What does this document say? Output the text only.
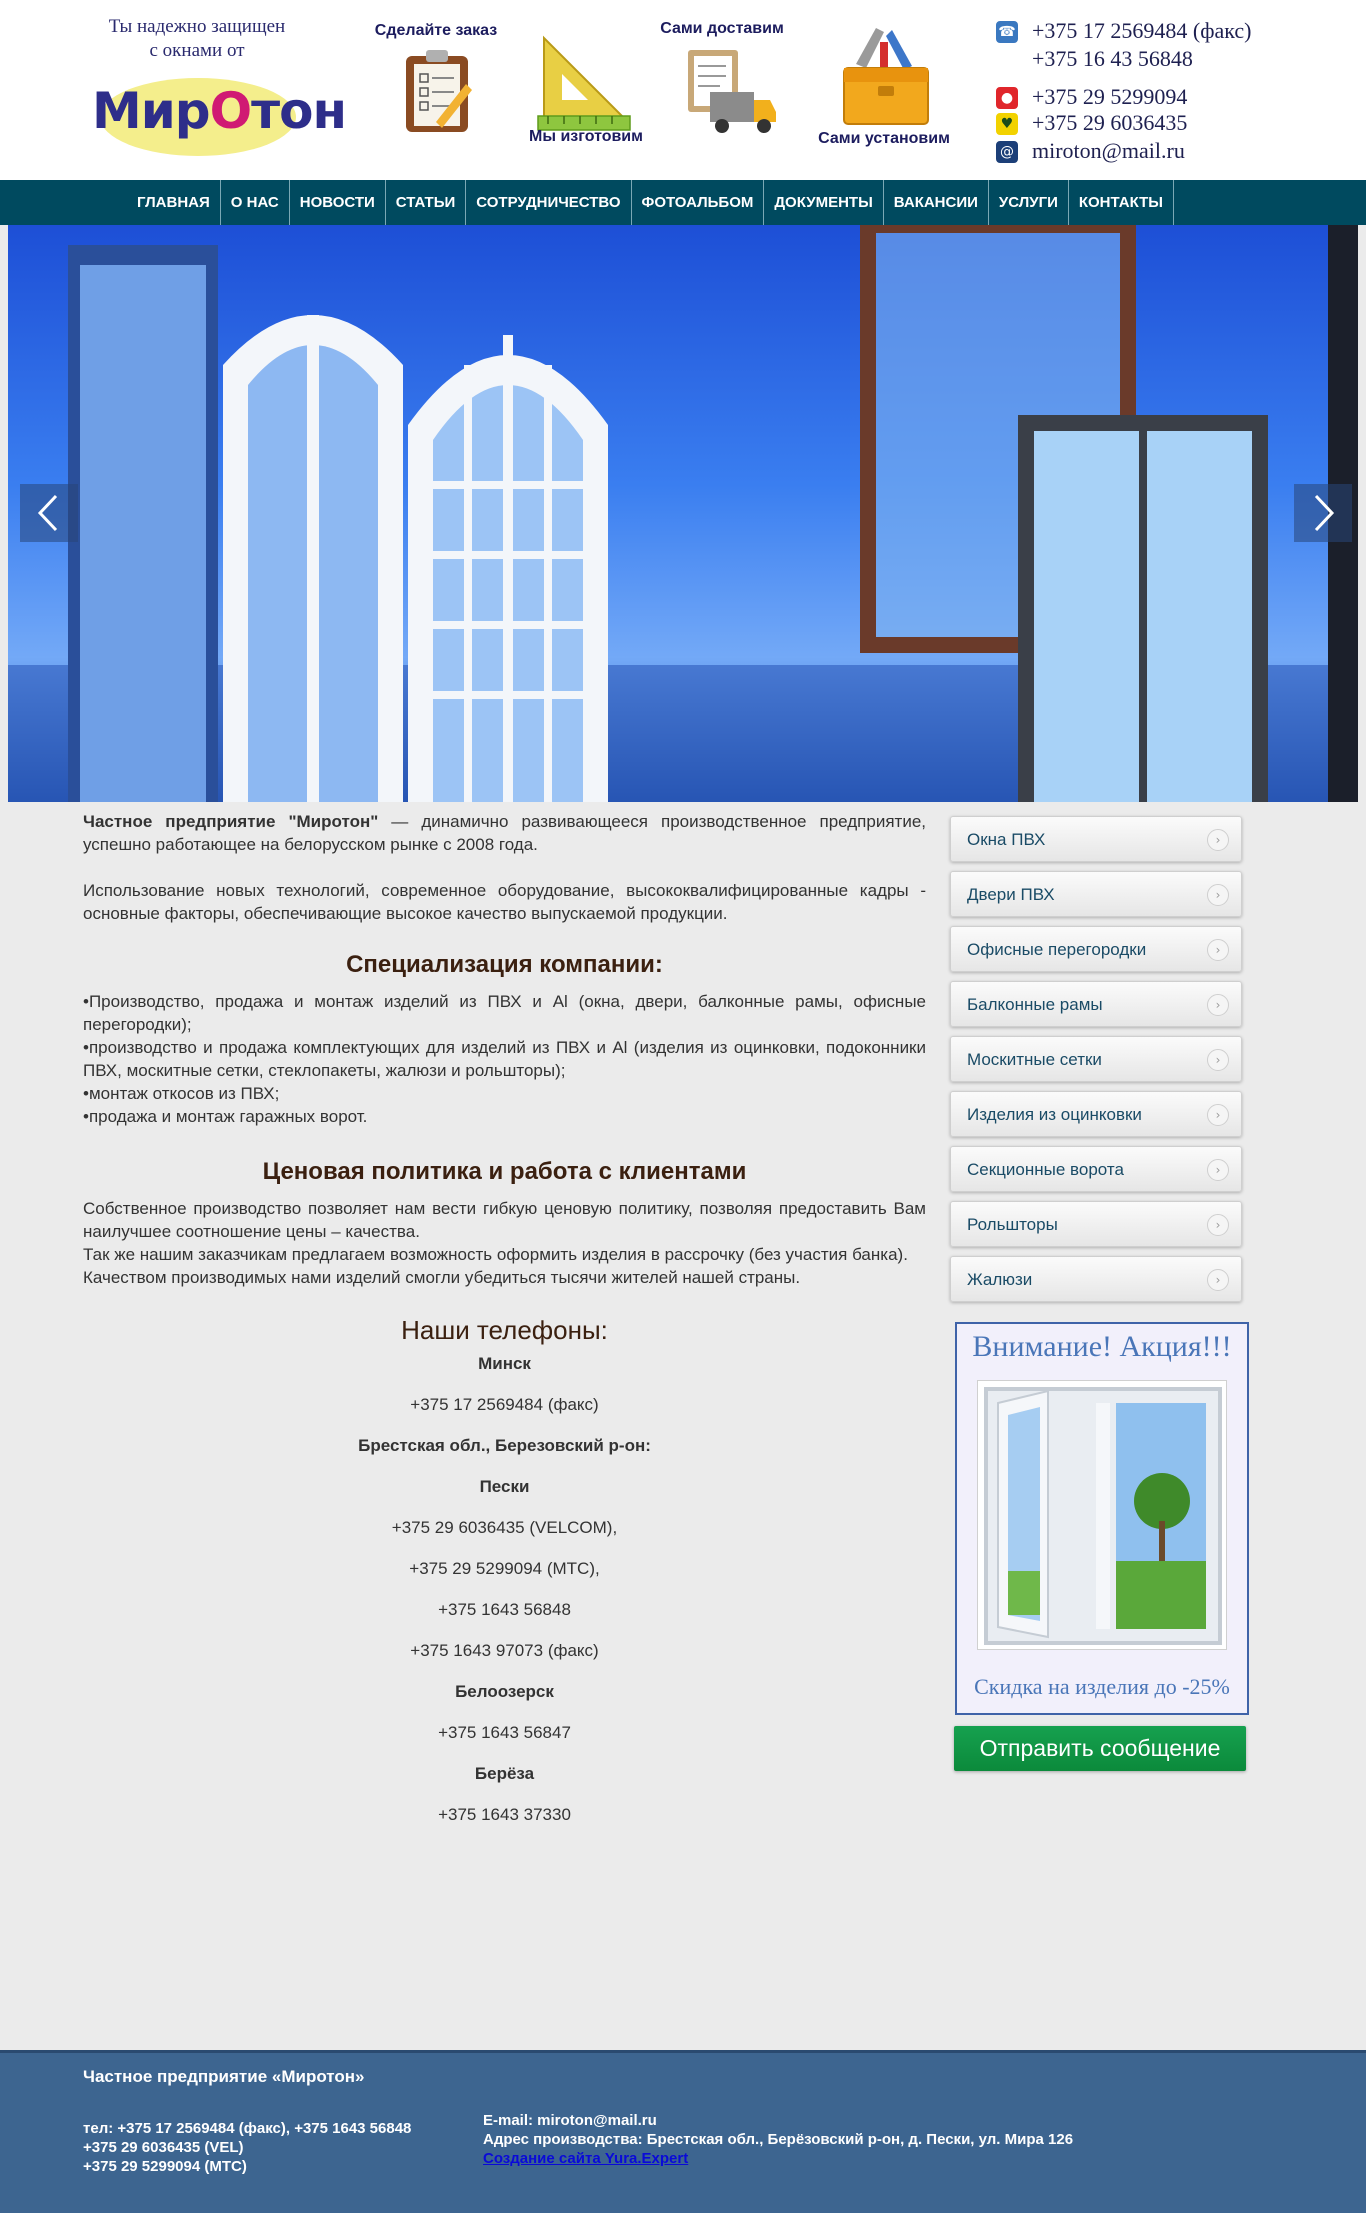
Ты надежно защищен
с окнами от
МирОтон
Сделайте заказ
Мы изготовим
Сами доставим
Сами установим
☎ +375 17 2569484 (факс)
+375 16 43 56848
● +375 29 5299094
♥ +375 29 6036435
@ miroton@mail.ru
ГЛАВНАЯ	О НАС	НОВОСТИ	СТАТЬИ	СОТРУДНИЧЕСТВО	ФОТОАЛЬБОМ	ДОКУМЕНТЫ	ВАКАНСИИ	УСЛУГИ	КОНТАКТЫ

Частное предприятие "Миротон" — динамично развивающееся производственное предприятие, успешно работающее на белорусском рынке с 2008 года.

Использование новых технологий, современное оборудование, высококвалифицированные кадры - основные факторы, обеспечивающие высокое качество выпускаемой продукции.

Специализация компании:

•Производство, продажа и монтаж изделий из ПВХ и Al (окна, двери, балконные рамы, офисные перегородки);

•производство и продажа комплектующих для изделий из ПВХ и Al (изделия из оцинковки, подоконники ПВХ, москитные сетки, стеклопакеты, жалюзи и рольшторы);

•монтаж откосов из ПВХ;

•продажа и монтаж гаражных ворот.

Ценовая политика и работа с клиентами

Собственное производство позволяет нам вести гибкую ценовую политику, позволяя предоставить Вам наилучшее соотношение цены – качества.

Так же нашим заказчикам предлагаем возможность оформить изделия в рассрочку (без участия банка).

Качеством производимых нами изделий смогли убедиться тысячи жителей нашей страны.

Наши телефоны:

Минск

+375 17 2569484 (факс)

Брестская обл., Березовский р-он:

Пески

+375 29 6036435 (VELCOM),

+375 29 5299094 (МТС),

+375 1643 56848

+375 1643 97073 (факс)

Белоозерск

+375 1643 56847

Берёза

+375 1643 37330

Окна ПВХ	›
Двери ПВХ	›
Офисные перегородки	›
Балконные рамы	›
Москитные сетки	›
Изделия из оцинковки	›
Секционные ворота	›
Рольшторы	›
Жалюзи	›
Внимание! Акция!!!
Скидка на изделия до -25%
Отправить сообщение
Частное предприятие «Миротон»
тел: +375 17 2569484 (факс), +375 1643 56848
+375 29 6036435 (VEL)
+375 29 5299094 (МТС)
E-mail: miroton@mail.ru
Адрес производства: Брестская обл., Берёзовский р-он, д. Пески, ул. Мира 126
Создание сайта Yura.Expert
